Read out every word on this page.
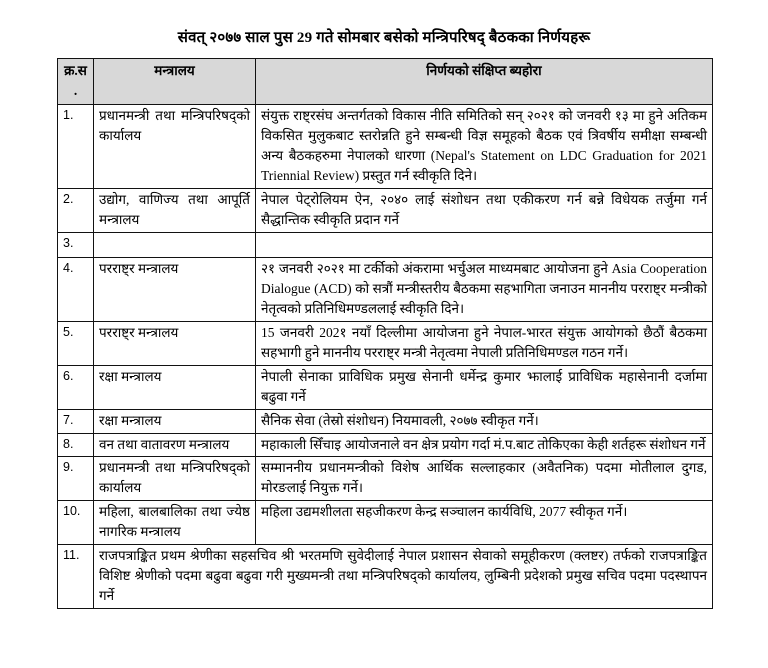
संवत् २०७७ साल पुस 29 गते सोमबार बसेको मन्त्रिपरिषद् बैठकका निर्णयहरू
क्र.स.	मन्त्रालय	निर्णयको संक्षिप्त ब्यहोरा
1.	प्रधानमन्त्री तथा मन्त्रिपरिषद्को कार्यालय	संयुक्त राष्ट्रसंघ अन्तर्गतको विकास नीति समितिको सन् २०२१ को जनवरी १३ मा हुने अतिकम विकसित मुलुकबाट स्तरोन्नति हुने सम्बन्धी विज्ञ समूहको बैठक एवं त्रिवर्षीय समीक्षा सम्बन्धी अन्य बैठकहरुमा नेपालको धारणा (Nepal's Statement on LDC Graduation for 2021 Triennial Review) प्रस्तुत गर्न स्वीकृति दिने।
2.	उद्योग, वाणिज्य तथा आपूर्ति मन्त्रालय	नेपाल पेट्रोलियम ऐन, २०४० लाई संशोधन तथा एकीकरण गर्न बन्ने विधेयक तर्जुमा गर्न सैद्धान्तिक स्वीकृति प्रदान गर्ने
3.		
4.	परराष्ट्र मन्त्रालय	२१ जनवरी २०२१ मा टर्कीको अंकरामा भर्चुअल माध्यमबाट आयोजना हुने Asia Cooperation Dialogue (ACD) को सत्रौं मन्त्रीस्तरीय बैठकमा सहभागिता जनाउन माननीय परराष्ट्र मन्त्रीको नेतृत्वको प्रतिनिधिमण्डललाई स्वीकृति दिने।
5.	परराष्ट्र मन्त्रालय	15 जनवरी 202१ नयाँ दिल्लीमा आयोजना हुने नेपाल-भारत संयुक्त आयोगको छैठौं बैठकमा सहभागी हुने माननीय परराष्ट्र मन्त्री नेतृत्वमा नेपाली प्रतिनिधिमण्डल गठन गर्ने।
6.	रक्षा मन्त्रालय	नेपाली सेनाका प्राविधिक प्रमुख सेनानी धर्मेन्द्र कुमार झालाई प्राविधिक महासेनानी दर्जामा बढुवा गर्ने
7.	रक्षा मन्त्रालय	सैनिक सेवा (तेस्रो संशोधन) नियमावली, २०७७ स्वीकृत गर्ने।
8.	वन तथा वातावरण मन्त्रालय	महाकाली सिँचाइ आयोजनाले वन क्षेत्र प्रयोग गर्दा मं.प.बाट तोकिएका केही शर्तहरू संशोधन गर्ने
9.	प्रधानमन्त्री तथा मन्त्रिपरिषद्को कार्यालय	सम्माननीय प्रधानमन्त्रीको विशेष आर्थिक सल्लाहकार (अवैतनिक) पदमा मोतीलाल दुगड, मोरङलाई नियुक्त गर्ने।
10.	महिला, बालबालिका तथा ज्येष्ठ नागरिक मन्त्रालय	महिला उद्यमशीलता सहजीकरण केन्द्र सञ्चालन कार्यविधि, 2077 स्वीकृत गर्ने।
11.	राजपत्राङ्कित प्रथम श्रेणीका सहसचिव श्री भरतमणि सुवेदीलाई नेपाल प्रशासन सेवाको समूहीकरण (क्लष्टर) तर्फको राजपत्राङ्कित विशिष्ट श्रेणीको पदमा बढुवा बढुवा गरी मुख्यमन्त्री तथा मन्त्रिपरिषद्को कार्यालय, लुम्बिनी प्रदेशको प्रमुख सचिव पदमा पदस्थापन गर्ने	
